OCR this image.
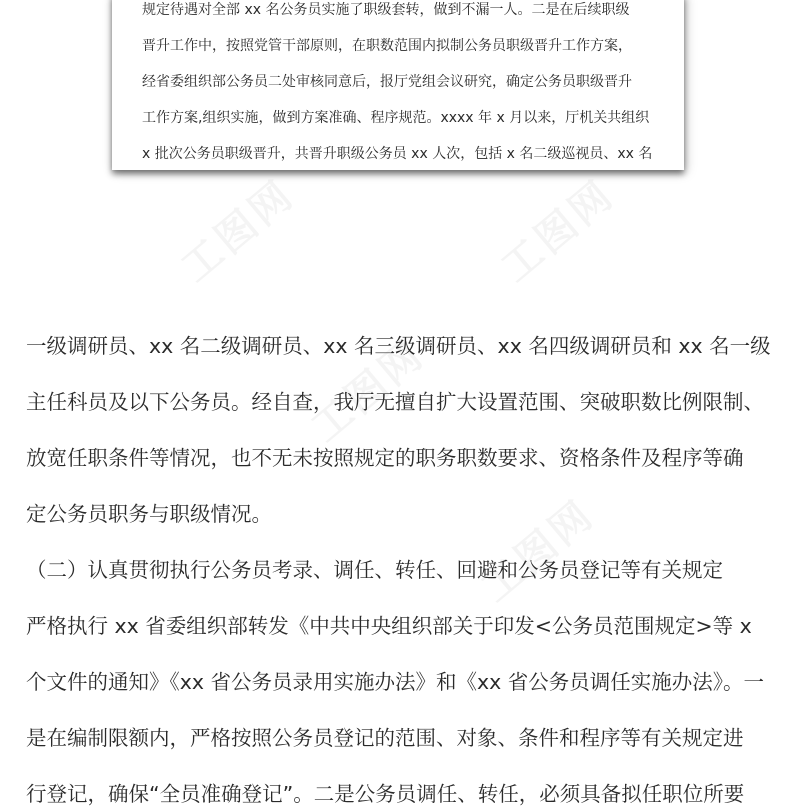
规定待遇对全部 xx 名公务员实施了职级套转，做到不漏一人。二是在后续职级
晋升工作中，按照党管干部原则，在职数范围内拟制公务员职级晋升工作方案，
经省委组织部公务员二处审核同意后，报厅党组会议研究，确定公务员职级晋升
工作方案,组织实施，做到方案准确、程序规范。xxxx 年 x 月以来，厅机关共组织
x 批次公务员职级晋升，共晋升职级公务员 xx 人次，包括 x 名二级巡视员、xx 名
一级调研员、xx 名二级调研员、xx 名三级调研员、xx 名四级调研员和 xx 名一级
主任科员及以下公务员。经自查，我厅无擅自扩大设置范围、突破职数比例限制、
放宽任职条件等情况，也不无未按照规定的职务职数要求、资格条件及程序等确
定公务员职务与职级情况。
（二）认真贯彻执行公务员考录、调任、转任、回避和公务员登记等有关规定
严格执行 xx 省委组织部转发《中共中央组织部关于印发<公务员范围规定>等 x
个文件的通知》《xx 省公务员录用实施办法》和《xx 省公务员调任实施办法》。一
是在编制限额内，严格按照公务员登记的范围、对象、条件和程序等有关规定进
行登记，确保“全员准确登记”。二是公务员调任、转任，必须具备拟任职位所要
